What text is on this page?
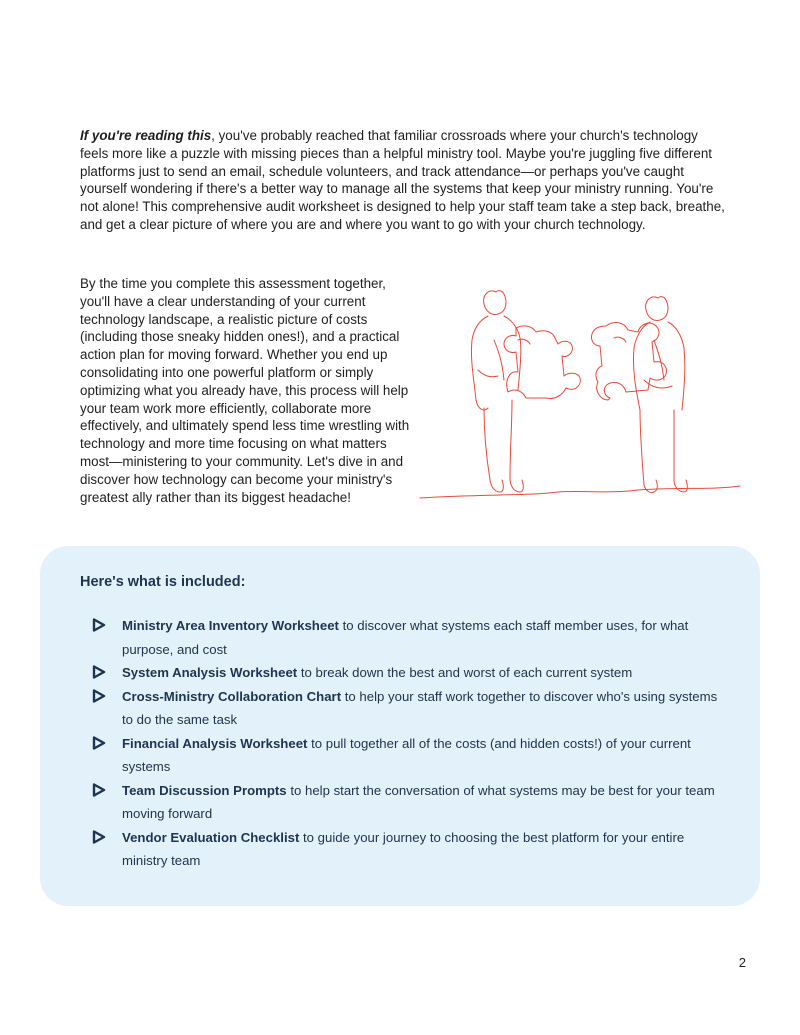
If you're reading this, you've probably reached that familiar crossroads where your church's technology feels more like a puzzle with missing pieces than a helpful ministry tool. Maybe you're juggling five different platforms just to send an email, schedule volunteers, and track attendance—or perhaps you've caught yourself wondering if there's a better way to manage all the systems that keep your ministry running. You're not alone! This comprehensive audit worksheet is designed to help your staff team take a step back, breathe, and get a clear picture of where you are and where you want to go with your church technology.

By the time you complete this assessment together, you'll have a clear understanding of your current technology landscape, a realistic picture of costs (including those sneaky hidden ones!), and a practical action plan for moving forward. Whether you end up consolidating into one powerful platform or simply optimizing what you already have, this process will help your team work more efficiently, collaborate more effectively, and ultimately spend less time wrestling with technology and more time focusing on what matters most—ministering to your community. Let's dive in and discover how technology can become your ministry's greatest ally rather than its biggest headache!

Here's what is included:
Ministry Area Inventory Worksheet to discover what systems each staff member uses, for what purpose, and cost
System Analysis Worksheet to break down the best and worst of each current system
Cross-Ministry Collaboration Chart to help your staff work together to discover who's using systems to do the same task
Financial Analysis Worksheet to pull together all of the costs (and hidden costs!) of your current systems
Team Discussion Prompts to help start the conversation of what systems may be best for your team moving forward
Vendor Evaluation Checklist to guide your journey to choosing the best platform for your entire ministry team
2
